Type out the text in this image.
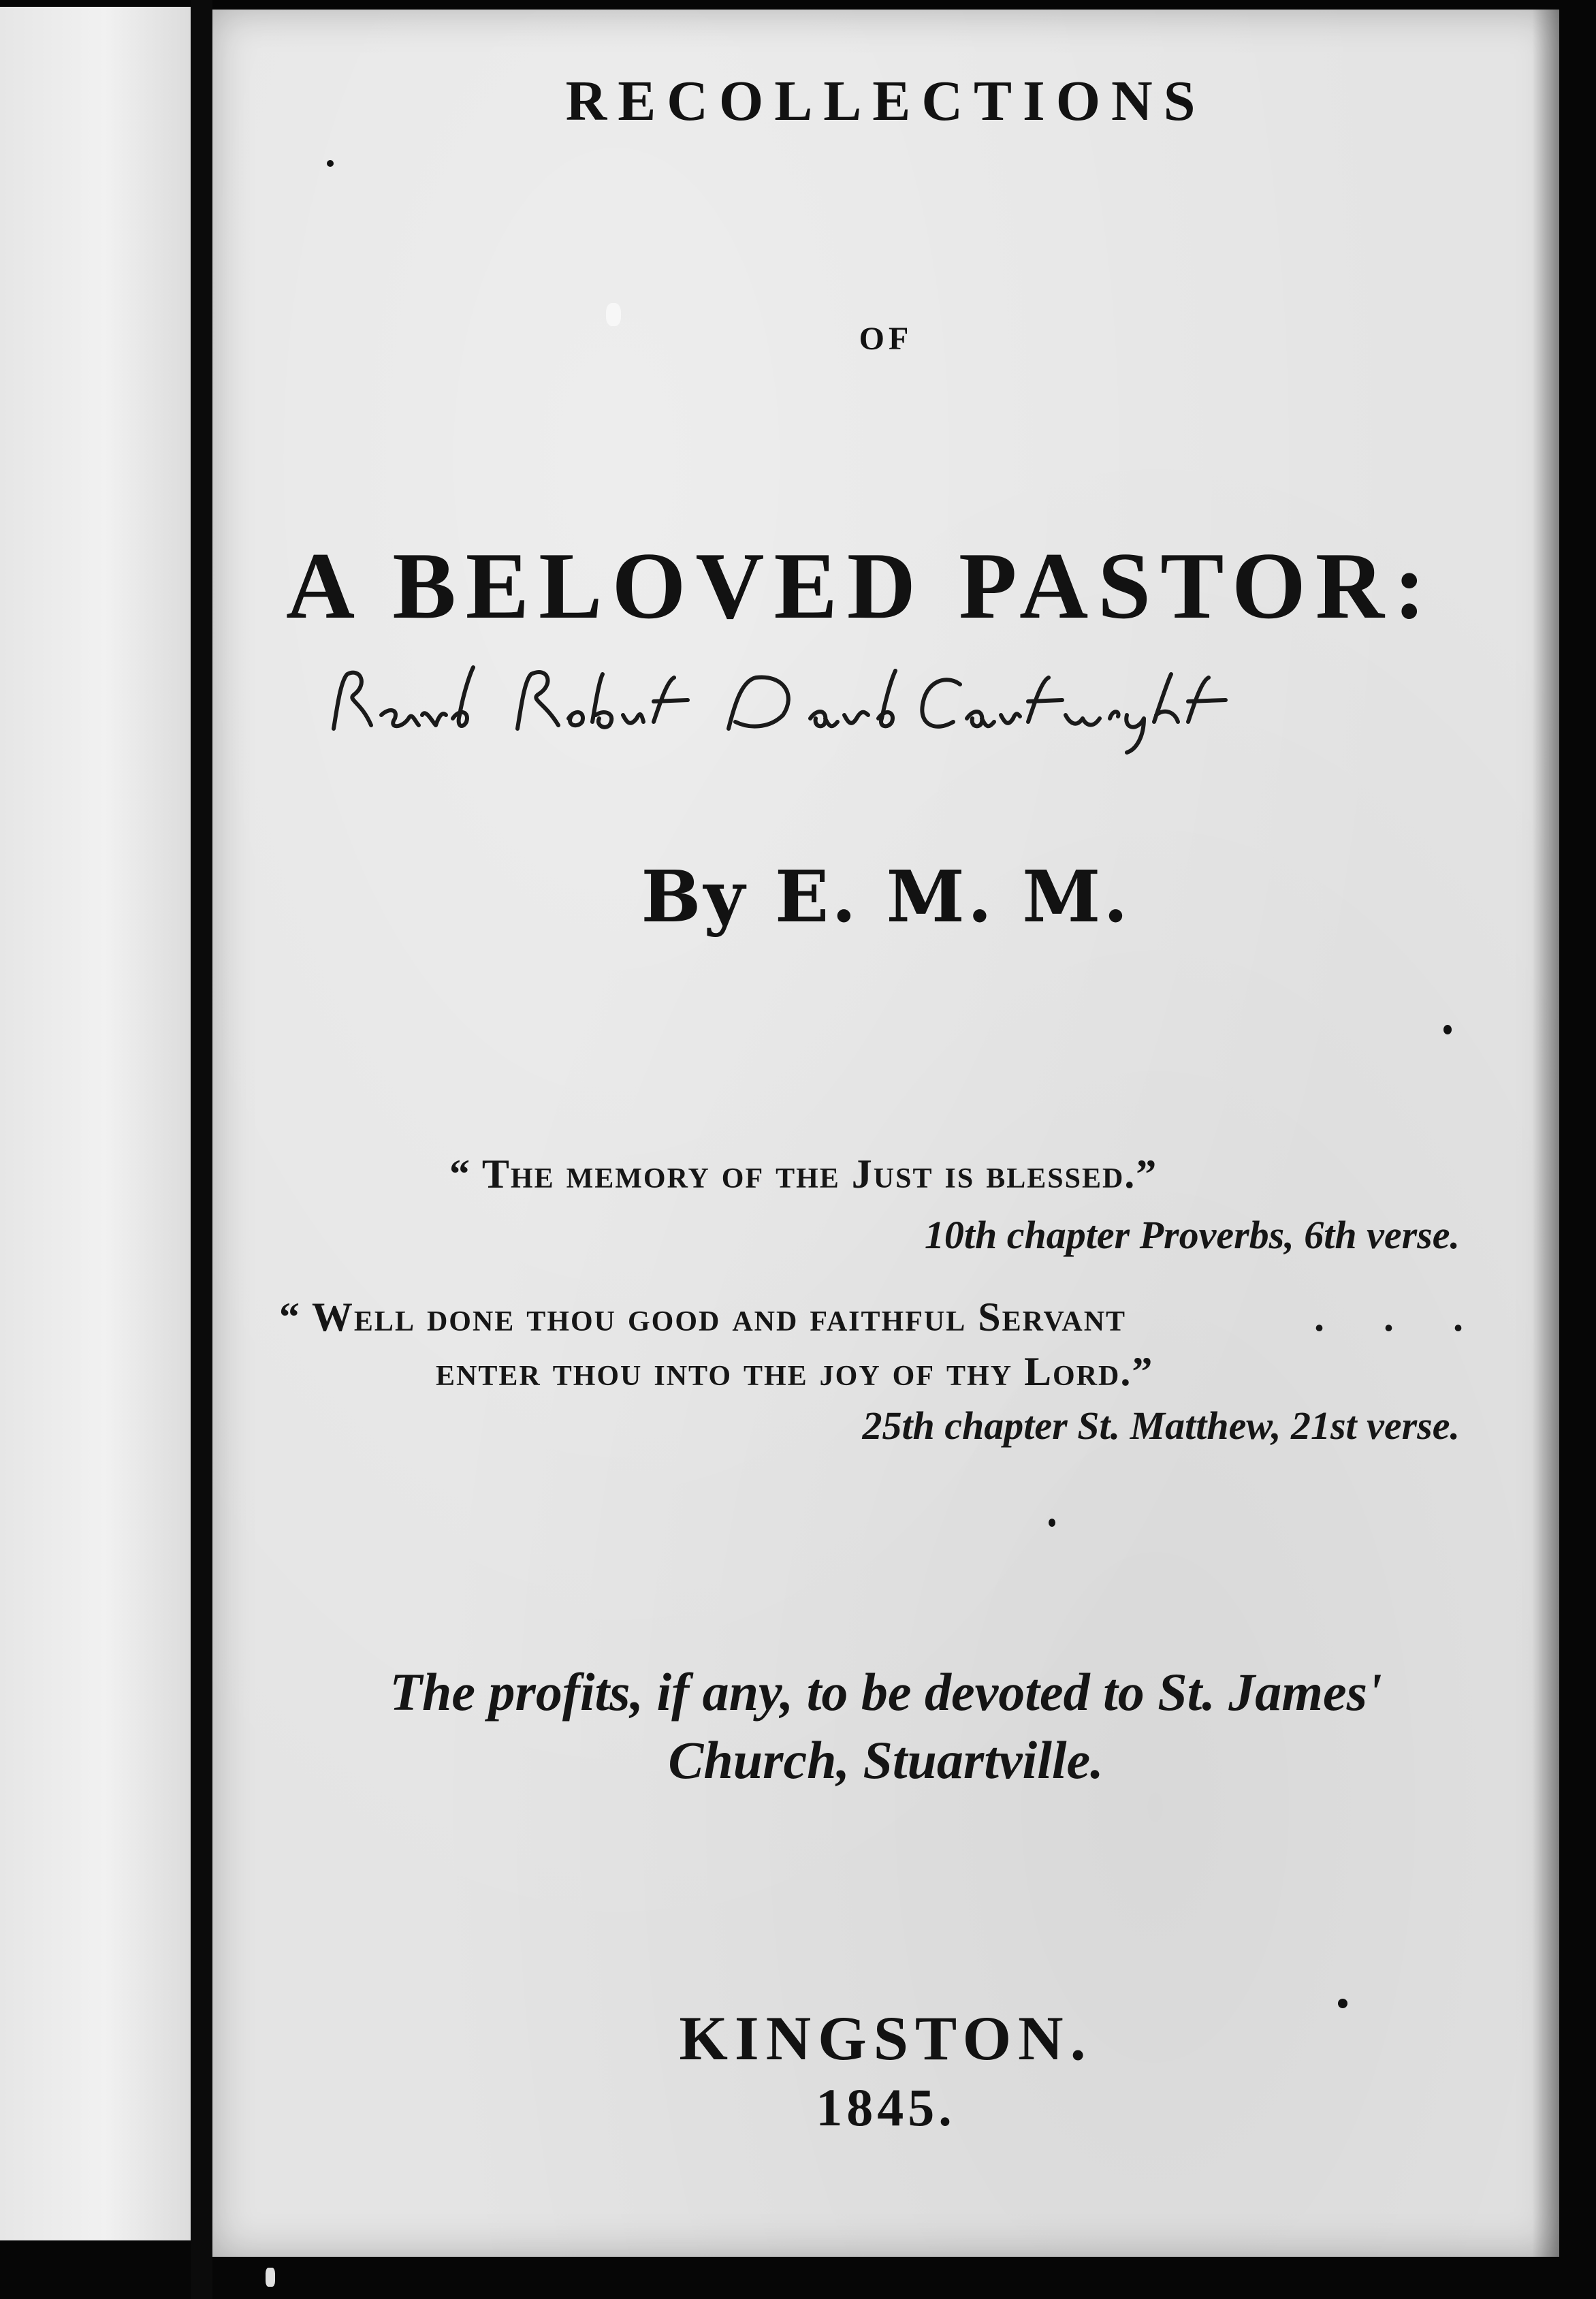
RECOLLECTIONS
OF
A BELOVED PASTOR:
By E. M. M.
“ The memory of the Just is blessed.”
10th chapter Proverbs, 6th verse.
“ Well done thou good and faithful Servant	. . .
enter thou into the joy of thy Lord.”
25th chapter St. Matthew, 21st verse.
The profits, if any, to be devoted to St. James'
Church, Stuartville.
KINGSTON.
1845.
